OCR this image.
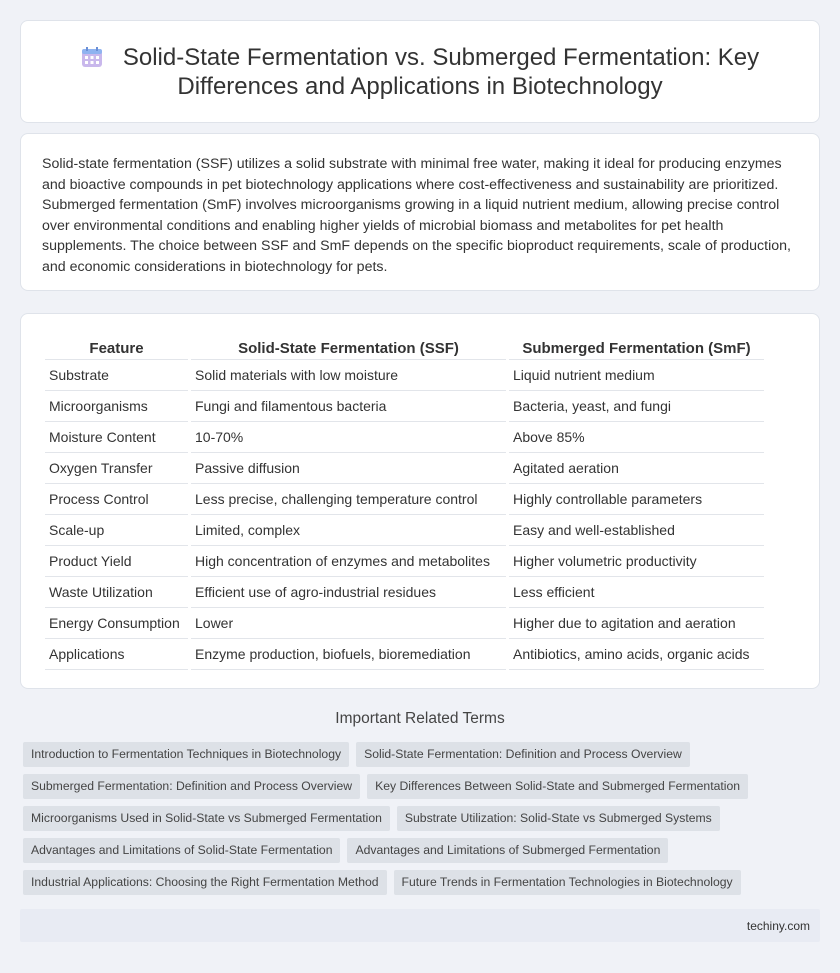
Solid-State Fermentation vs. Submerged Fermentation: Key Differences and Applications in Biotechnology

Solid-state fermentation (SSF) utilizes a solid substrate with minimal free water, making it ideal for producing enzymes and bioactive compounds in pet biotechnology applications where cost-effectiveness and sustainability are prioritized. Submerged fermentation (SmF) involves microorganisms growing in a liquid nutrient medium, allowing precise control over environmental conditions and enabling higher yields of microbial biomass and metabolites for pet health supplements. The choice between SSF and SmF depends on the specific bioproduct requirements, scale of production, and economic considerations in biotechnology for pets.

Feature	Solid-State Fermentation (SSF)	Submerged Fermentation (SmF)
Substrate	Solid materials with low moisture	Liquid nutrient medium
Microorganisms	Fungi and filamentous bacteria	Bacteria, yeast, and fungi
Moisture Content	10-70%	Above 85%
Oxygen Transfer	Passive diffusion	Agitated aeration
Process Control	Less precise, challenging temperature control	Highly controllable parameters
Scale-up	Limited, complex	Easy and well-established
Product Yield	High concentration of enzymes and metabolites	Higher volumetric productivity
Waste Utilization	Efficient use of agro-industrial residues	Less efficient
Energy Consumption	Lower	Higher due to agitation and aeration
Applications	Enzyme production, biofuels, bioremediation	Antibiotics, amino acids, organic acids
Important Related Terms
Introduction to Fermentation Techniques in Biotechnology	Solid-State Fermentation: Definition and Process Overview
Submerged Fermentation: Definition and Process Overview	Key Differences Between Solid-State and Submerged Fermentation
Microorganisms Used in Solid-State vs Submerged Fermentation	Substrate Utilization: Solid-State vs Submerged Systems
Advantages and Limitations of Solid-State Fermentation	Advantages and Limitations of Submerged Fermentation
Industrial Applications: Choosing the Right Fermentation Method	Future Trends in Fermentation Technologies in Biotechnology
techiny.com
